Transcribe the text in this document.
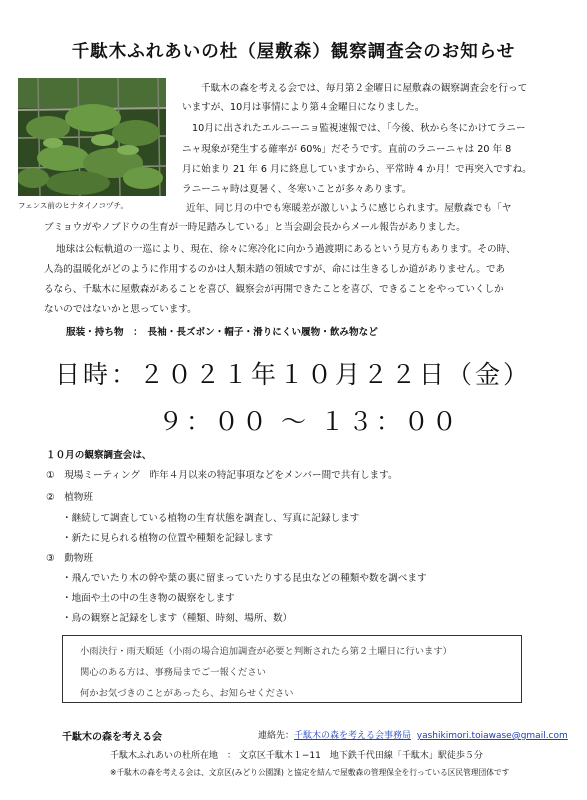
千駄木ふれあいの杜（屋敷森）観察調査会のお知らせ
フェンス前のヒナタイノコヅチ。
千駄木の森を考える会では、毎月第２金曜日に屋敷森の観察調査会を行って
いますが、10月は事情により第４金曜日になりました。
10月に出されたエルニーニョ監視速報では、「今後、秋から冬にかけてラニー
ニャ現象が発生する確率が 60%」だそうです。直前のラニーニャは 20 年 8
月に始まり 21 年 6 月に終息していますから、平常時 4 か月！で再突入ですね。
ラニーニャ時は夏暑く、冬寒いことが多々あります。
近年、同じ月の中でも寒暖差が激しいように感じられます。屋敷森でも「ヤ
ブミョウガやノブドウの生育が一時足踏みしている」と当会副会長からメール報告がありました。
地球は公転軌道の一巡により、現在、徐々に寒冷化に向かう過渡期にあるという見方もあります。その時、
人為的温暖化がどのように作用するのかは人類未踏の領域ですが、命には生きるしか道がありません。であ
るなら、千駄木に屋敷森があることを喜び、観察会が再開できたことを喜び、できることをやっていくしか
ないのではないかと思っています。
服装・持ち物　：　長袖・長ズボン・帽子・滑りにくい履物・飲み物など
日時：２０２１年１０月２２日（金）
９：００ ～ １３：００
１０月の観察調査会は、
①　現場ミーティング　昨年４月以来の特記事項などをメンバー間で共有します。
②　植物班
・継続して調査している植物の生育状態を調査し、写真に記録します
・新たに見られる植物の位置や種類を記録します
③　動物班
・飛んでいたり木の幹や葉の裏に留まっていたりする昆虫などの種類や数を調べます
・地面や土の中の生き物の観察をします
・鳥の観察と記録をします（種類、時刻、場所、数）
小雨決行・雨天順延（小雨の場合追加調査が必要と判断されたら第２土曜日に行います）
関心のある方は、事務局までご一報ください
何かお気づきのことがあったら、お知らせください
千駄木の森を考える会	連絡先：千駄木の森を考える会事務局 yashikimori.toiawase@gmail.com
千駄木ふれあいの杜所在地　： 文京区千駄木１−11　地下鉄千代田線「千駄木」駅徒歩５分
※千駄木の森を考える会は、文京区(みどり公園課) と協定を結んで屋敷森の管理保全を行っている区民管理団体です
